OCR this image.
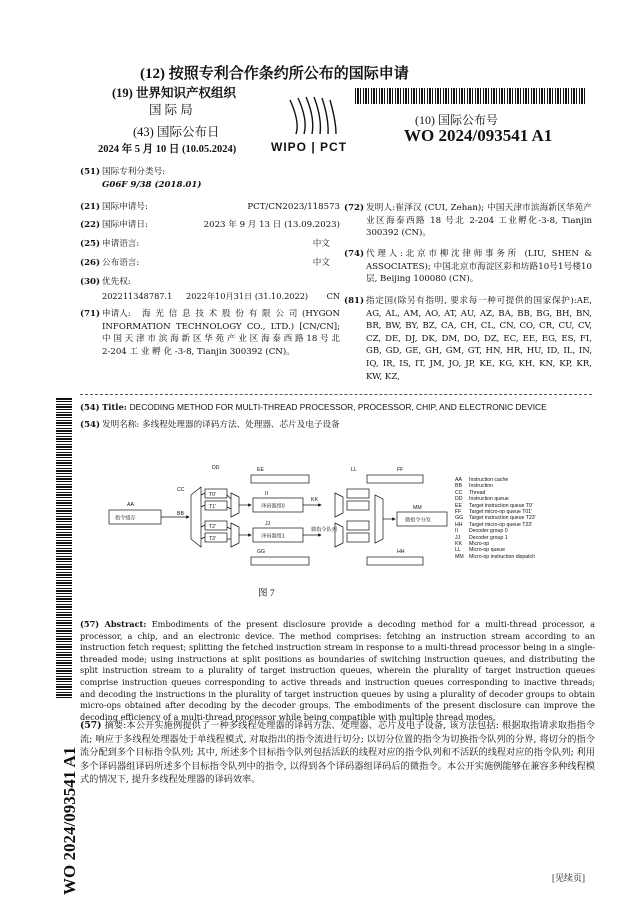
(12) 按照专利合作条约所公布的国际申请
(19) 世界知识产权组织
国 际 局
(43) 国际公布日
2024 年 5 月 10 日 (10.05.2024)	WIPO | PCT
(10) 国际公布号
WO 2024/093541 A1
(51) 国际专利分类号:
G06F 9/38 (2018.01)
(21) 国际申请号:	PCT/CN2023/118573
(22) 国际申请日:	2023 年 9 月 13 日 (13.09.2023)
(25) 申请语言:	中文
(26) 公布语言:	中文
(30) 优先权:
202211348787.1 2022年10月31日 (31.10.2022) CN
(71) 申请人:	海 光 信 息 技 术 股 份 有 限 公 司 (HYGON INFORMATION TECHNOLOGY CO., LTD.) [CN/CN]; 中 国 天 津 市 滨 海 新 区 华 苑 产 业 区 海 泰 西 路 18 号 北 2-204 工 业 孵 化 -3-8, Tianjin 300392 (CN)。
(72) 发明人:崔泽汉 (CUI, Zehan); 中国天津市滨海新区华苑产业区海泰西路 18 号北 2-204 工业孵化-3-8, Tianjin 300392 (CN)。
(74) 代理人:北京市柳沈律师事务所 (LIU, SHEN & ASSOCIATES); 中国北京市海淀区彩和坊路10号1号楼10层, Beijing 100080 (CN)。
(81) 指定国(除另有指明, 要求每一种可提供的国家保护):AE, AG, AL, AM, AO, AT, AU, AZ, BA, BB, BG, BH, BN, BR, BW, BY, BZ, CA, CH, CL, CN, CO, CR, CU, CV, CZ, DE, DJ, DK, DM, DO, DZ, EC, EE, EG, ES, FI, GB, GD, GE, GH, GM, GT, HN, HR, HU, ID, IL, IN, IQ, IR, IS, IT, JM, JO, JP, KE, KG, KH, KN, KP, KR, KW, KZ,
WO 2024/093541 A1
(54) Title: DECODING METHOD FOR MULTI-THREAD PROCESSOR, PROCESSOR, CHIP, AND ELECTRONIC DEVICE
(54) 发明名称: 多线程处理器的译码方法、处理器、芯片及电子设备
AA
BB
CC
DD	EE	FF
GG	HH
II
JJ
KK
LL
MM
T0'
T1'
T2'
T3'
指令缓存
译码器组0
译码器组1
微指令队列
微指令分发
AA Instruction cache
BB Instruction
CC Thread
DD Instruction queue
EE Target instruction queue T0'
FF Target micro-op queue T01'
GG Target instruction queue T23'
HH Target micro-op queue T23'
II Decoder group 0
JJ Decoder group 1
KK Micro-op
LL Micro-op queue
MM Micro-op instruction dispatch
图 7
(57) Abstract: Embodiments of the present disclosure provide a decoding method for a multi-thread processor, a processor, a chip, and an electronic device. The method comprises: fetching an instruction stream according to an instruction fetch request; splitting the fetched instruction stream in response to a multi-thread processor being in a single-threaded mode; using instructions at split positions as boundaries of switching instruction queues, and distributing the split instruction stream to a plurality of target instruction queues, wherein the plurality of target instruction queues comprise instruction queues corresponding to active threads and instruction queues corresponding to inactive threads; and decoding the instructions in the plurality of target instruction queues by using a plurality of decoder groups to obtain micro-ops obtained after decoding by the decoder groups. The embodiments of the present disclosure can improve the decoding efficiency of a multi-thread processor while being compatible with multiple thread modes.
(57) 摘要:本公开实施例提供了一种多线程处理器的译码方法、处理器、芯片及电子设备, 该方法包括: 根据取指请求取指指令流; 响应于多线程处理器处于单线程模式, 对取指出的指令流进行切分; 以切分位置的指令为切换指令队列的分界, 将切分的指令流分配到多个目标指令队列; 其中, 所述多个目标指令队列包括活跃的线程对应的指令队列和不活跃的线程对应的指令队列; 利用多个译码器组译码所述多个目标指令队列中的指令, 以得到各个译码器组译码后的微指令。本公开实施例能够在兼容多种线程模式的情况下, 提升多线程处理器的译码效率。
[见续页]
